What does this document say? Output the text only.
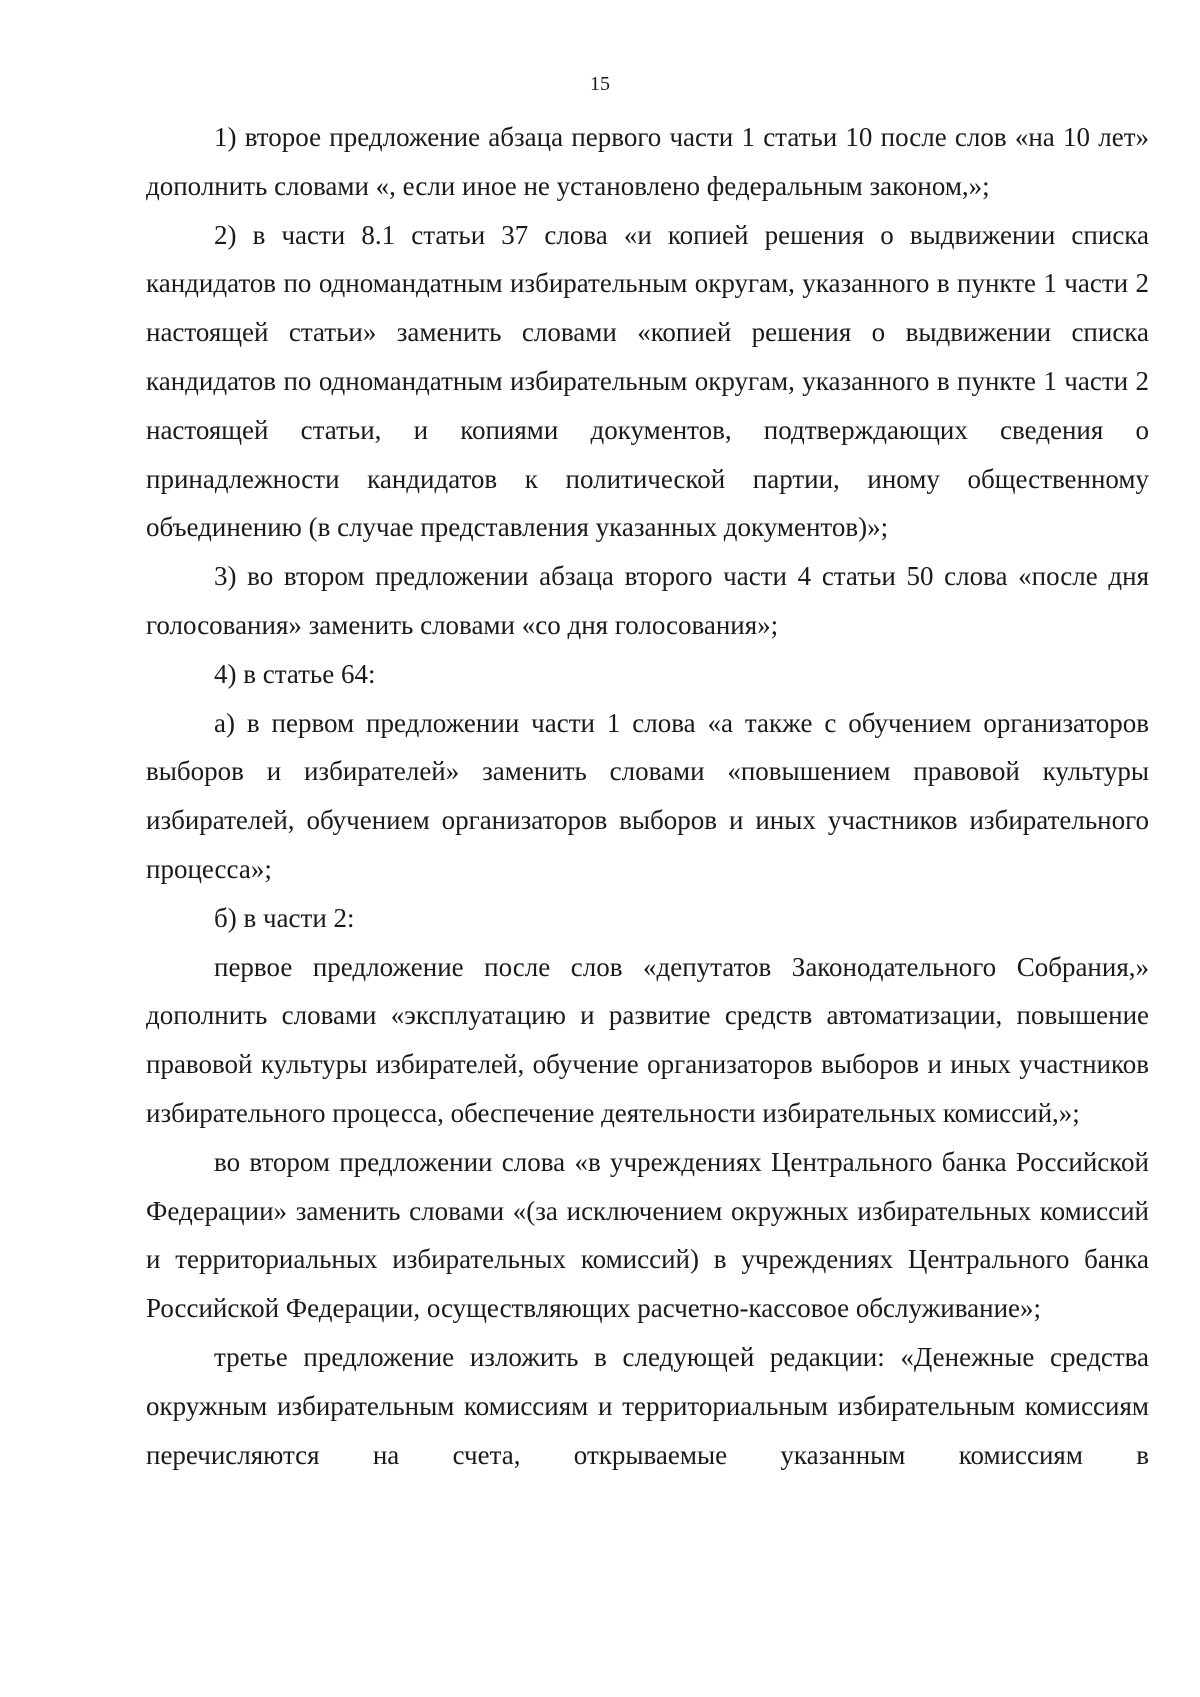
15

1) второе предложение абзаца первого части 1 статьи 10 после слов «на 10 лет» дополнить словами «, если иное не установлено федеральным законом,»;

2) в части 8.1 статьи 37 слова «и копией решения о выдвижении списка кандидатов по одномандатным избирательным округам, указанного в пункте 1 части 2 настоящей статьи» заменить словами «копией решения о выдвижении списка кандидатов по одномандатным избирательным округам, указанного в пункте 1 части 2 настоящей статьи, и копиями документов, подтверждающих сведения о принадлежности кандидатов к политической партии, иному общественному объединению (в случае представления указанных документов)»;

3) во втором предложении абзаца второго части 4 статьи 50 слова «после дня голосования» заменить словами «со дня голосования»;

4) в статье 64:

а) в первом предложении части 1 слова «а также с обучением организаторов выборов и избирателей» заменить словами «повышением правовой культуры избирателей, обучением организаторов выборов и иных участников избирательного процесса»;

б) в части 2:

первое предложение после слов «депутатов Законодательного Собрания,» дополнить словами «эксплуатацию и развитие средств автоматизации, повышение правовой культуры избирателей, обучение организаторов выборов и иных участников избирательного процесса, обеспечение деятельности избирательных комиссий,»;

во втором предложении слова «в учреждениях Центрального банка Российской Федерации» заменить словами «(за исключением окружных избирательных комиссий и территориальных избирательных комиссий) в учреждениях Центрального банка Российской Федерации, осуществляющих расчетно-кассовое обслуживание»;

третье предложение изложить в следующей редакции: «Денежные средства окружным избирательным комиссиям и территориальным избирательным комиссиям перечисляются на счета, открываемые указанным комиссиям в
